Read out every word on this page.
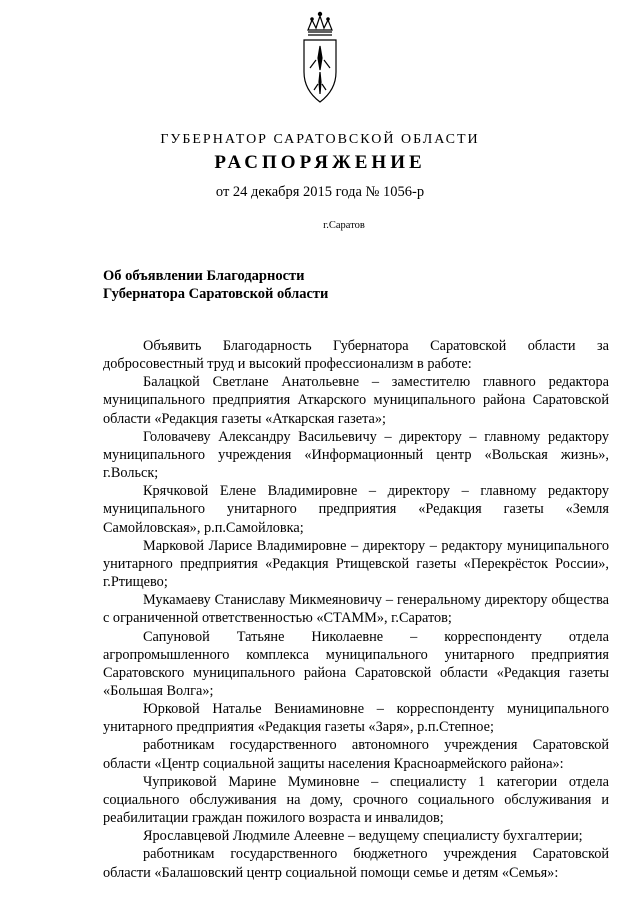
ГУБЕРНАТОР САРАТОВСКОЙ ОБЛАСТИ
РАСПОРЯЖЕНИЕ
от 24 декабря 2015 года № 1056-р
г.Саратов
Об объявлении Благодарности
Губернатора Саратовской области

Объявить Благодарность Губернатора Саратовской области за добросовестный труд и высокий профессионализм в работе:

Балацкой Светлане Анатольевне – заместителю главного редактора муниципального предприятия Аткарского муниципального района Саратовской области «Редакция газеты «Аткарская газета»;

Головачеву Александру Васильевичу – директору – главному редактору муниципального учреждения «Информационный центр «Вольская жизнь», г.Вольск;

Крячковой Елене Владимировне – директору – главному редактору муниципального унитарного предприятия «Редакция газеты «Земля Самойловская», р.п.Самойловка;

Марковой Ларисе Владимировне – директору – редактору муниципального унитарного предприятия «Редакция Ртищевской газеты «Перекрёсток России», г.Ртищево;

Мукамаеву Станиславу Микмеяновичу – генеральному директору общества с ограниченной ответственностью «СТАММ», г.Саратов;

Сапуновой Татьяне Николаевне – корреспонденту отдела агропромышленного комплекса муниципального унитарного предприятия Саратовского муниципального района Саратовской области «Редакция газеты «Большая Волга»;

Юрковой Наталье Вениаминовне – корреспонденту муниципального унитарного предприятия «Редакция газеты «Заря», р.п.Степное;

работникам государственного автономного учреждения Саратовской области «Центр социальной защиты населения Красноармейского района»:

Чуприковой Марине Муминовне – специалисту 1 категории отдела социального обслуживания на дому, срочного социального обслуживания и реабилитации граждан пожилого возраста и инвалидов;

Ярославцевой Людмиле Алеевне – ведущему специалисту бухгалтерии;

работникам государственного бюджетного учреждения Саратовской области «Балашовский центр социальной помощи семье и детям «Семья»:
